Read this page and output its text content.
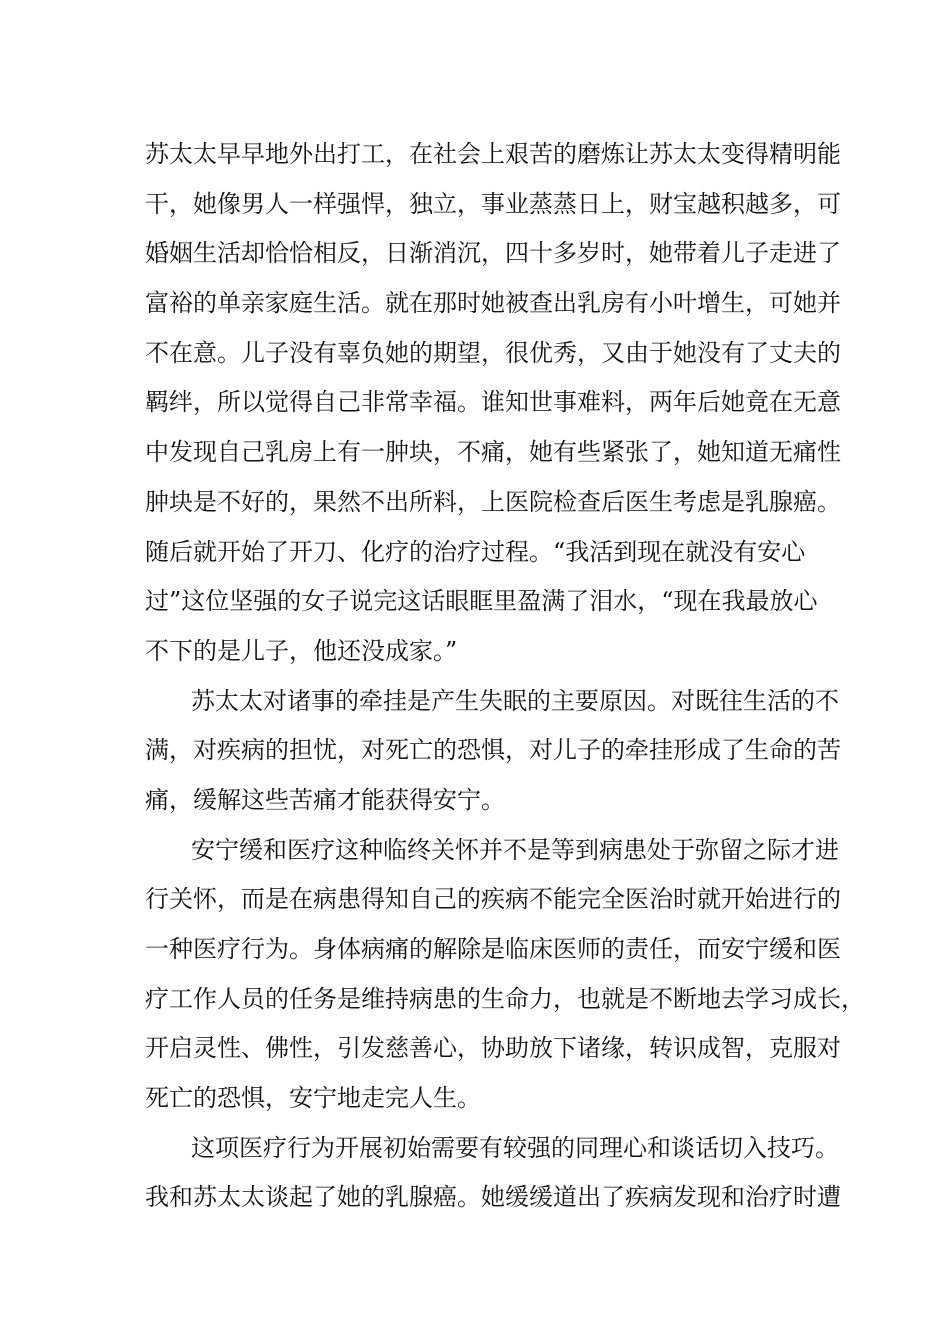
苏太太早早地外出打工，在社会上艰苦的磨炼让苏太太变得精明能
干，她像男人一样强悍，独立，事业蒸蒸日上，财宝越积越多，可
婚姻生活却恰恰相反，日渐消沉，四十多岁时，她带着儿子走进了
富裕的单亲家庭生活。就在那时她被查出乳房有小叶增生，可她并
不在意。儿子没有辜负她的期望，很优秀，又由于她没有了丈夫的
羁绊，所以觉得自己非常幸福。谁知世事难料，两年后她竟在无意
中发现自己乳房上有一肿块，不痛，她有些紧张了，她知道无痛性
肿块是不好的，果然不出所料，上医院检查后医生考虑是乳腺癌。
随后就开始了开刀、化疗的治疗过程。“我活到现在就没有安心
过”这位坚强的女子说完这话眼眶里盈满了泪水，“现在我最放心
不下的是儿子，他还没成家。”
苏太太对诸事的牵挂是产生失眠的主要原因。对既往生活的不
满，对疾病的担忧，对死亡的恐惧，对儿子的牵挂形成了生命的苦
痛，缓解这些苦痛才能获得安宁。
安宁缓和医疗这种临终关怀并不是等到病患处于弥留之际才进
行关怀，而是在病患得知自己的疾病不能完全医治时就开始进行的
一种医疗行为。身体病痛的解除是临床医师的责任，而安宁缓和医
疗工作人员的任务是维持病患的生命力，也就是不断地去学习成长，
开启灵性、佛性，引发慈善心，协助放下诸缘，转识成智，克服对
死亡的恐惧，安宁地走完人生。
这项医疗行为开展初始需要有较强的同理心和谈话切入技巧。
我和苏太太谈起了她的乳腺癌。她缓缓道出了疾病发现和治疗时遭
